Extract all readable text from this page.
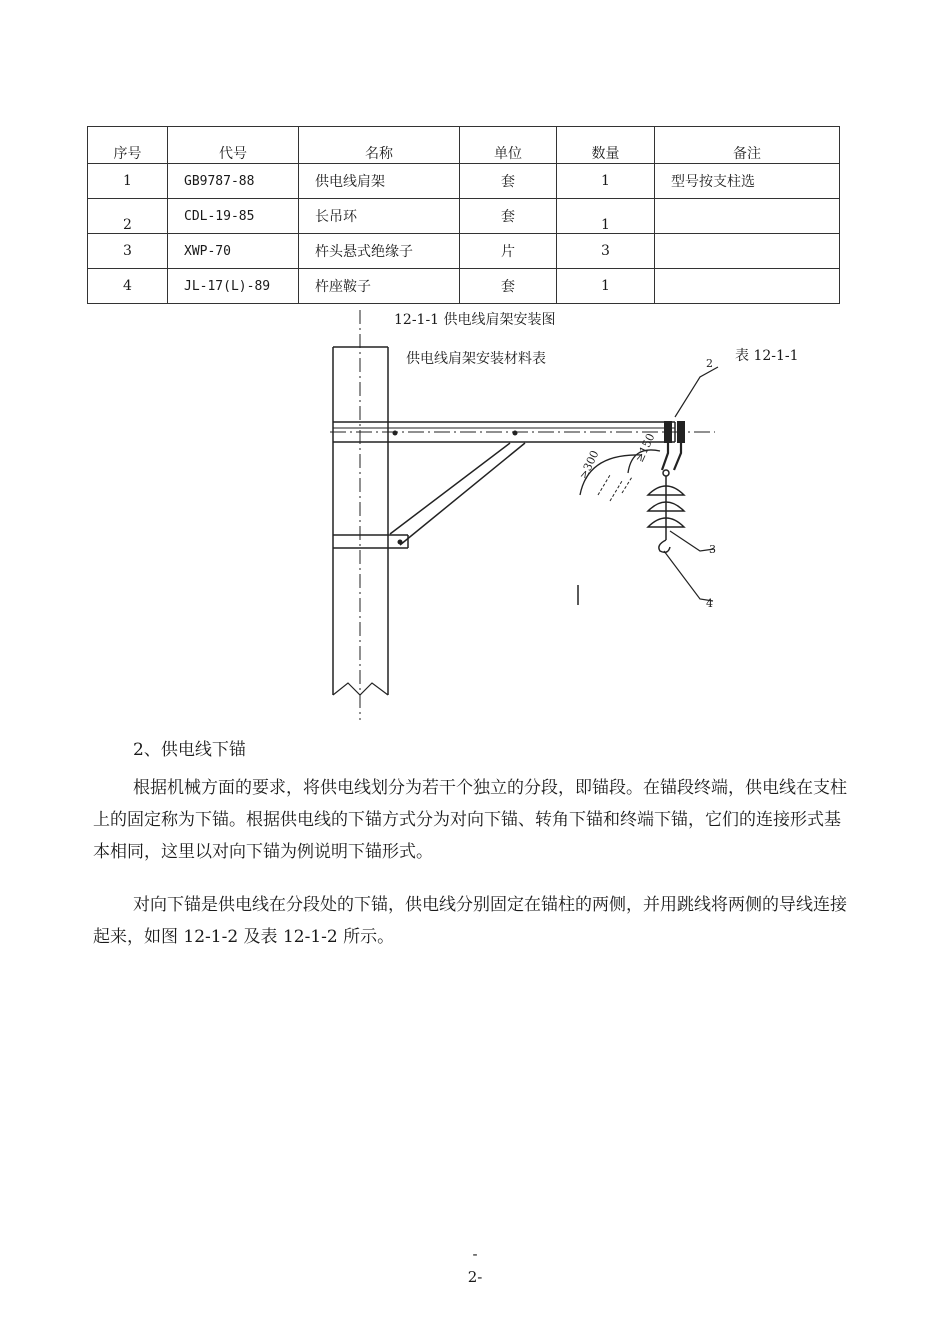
序号	代号	名称	单位	数量	备注
1	GB9787-88	供电线肩架	套	1	型号按支柱选
2	CDL-19-85	长吊环	套	1	
3	XWP-70	杵头悬式绝缘子	片	3	
4	JL-17(L)-89	杵座鞍子	套	1	
≥300
≥150
2
3
4
12-1-1 供电线肩架安装图
供电线肩架安装材料表	表 12-1-1

2、供电线下锚

根据机械方面的要求，将供电线划分为若干个独立的分段，即锚段。在锚段终端，供电线在支柱上的固定称为下锚。根据供电线的下锚方式分为对向下锚、转角下锚和终端下锚，它们的连接形式基本相同，这里以对向下锚为例说明下锚形式。

对向下锚是供电线在分段处的下锚，供电线分别固定在锚柱的两侧，并用跳线将两侧的导线连接起来，如图 12-1-2 及表 12-1-2 所示。

-
2-
